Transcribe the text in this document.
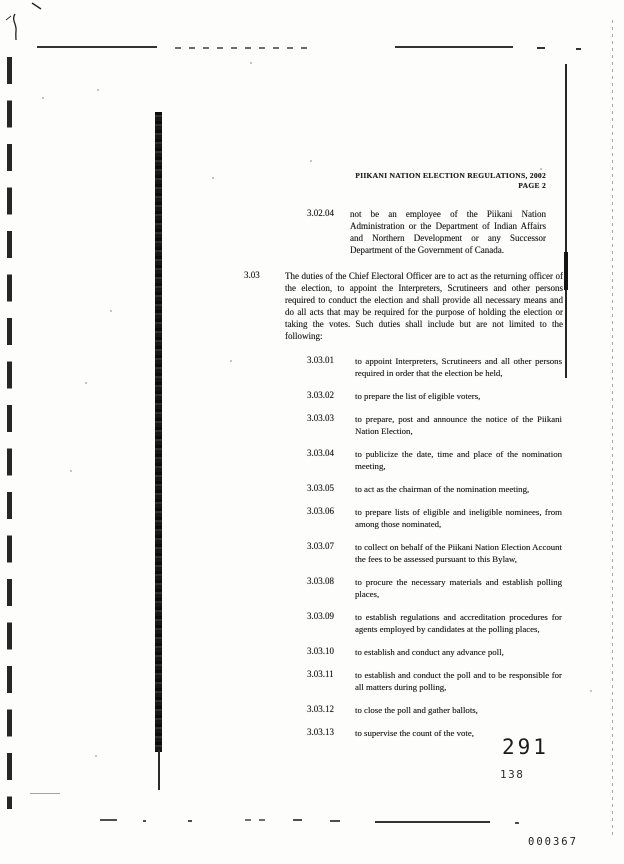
PIIKANI NATION ELECTION REGULATIONS, 2002
PAGE 2
3.02.04 not be an employee of the Piikani Nation Administration or the Department of Indian Affairs and Northern Development or any Successor Department of the Government of Canada.
3.03	The duties of the Chief Electoral Officer are to act as the returning officer of the election, to appoint the Interpreters, Scrutineers and other persons required to conduct the election and shall provide all necessary means and do all acts that may be required for the purpose of holding the election or taking the votes. Such duties shall include but are not limited to the following:
3.03.01 to appoint Interpreters, Scrutineers and all other persons required in order that the election be held,
3.03.02 to prepare the list of eligible voters,
3.03.03 to prepare, post and announce the notice of the Piikani Nation Election,
3.03.04 to publicize the date, time and place of the nomination meeting,
3.03.05 to act as the chairman of the nomination meeting,
3.03.06 to prepare lists of eligible and ineligible nominees, from among those nominated,
3.03.07 to collect on behalf of the Piikani Nation Election Account the fees to be assessed pursuant to this Bylaw,
3.03.08 to procure the necessary materials and establish polling places,
3.03.09 to establish regulations and accreditation procedures for agents employed by candidates at the polling places,
3.03.10 to establish and conduct any advance poll,
3.03.11 to establish and conduct the poll and to be responsible for all matters during polling,
3.03.12 to close the poll and gather ballots,
3.03.13 to supervise the count of the vote,
291
138
000367
